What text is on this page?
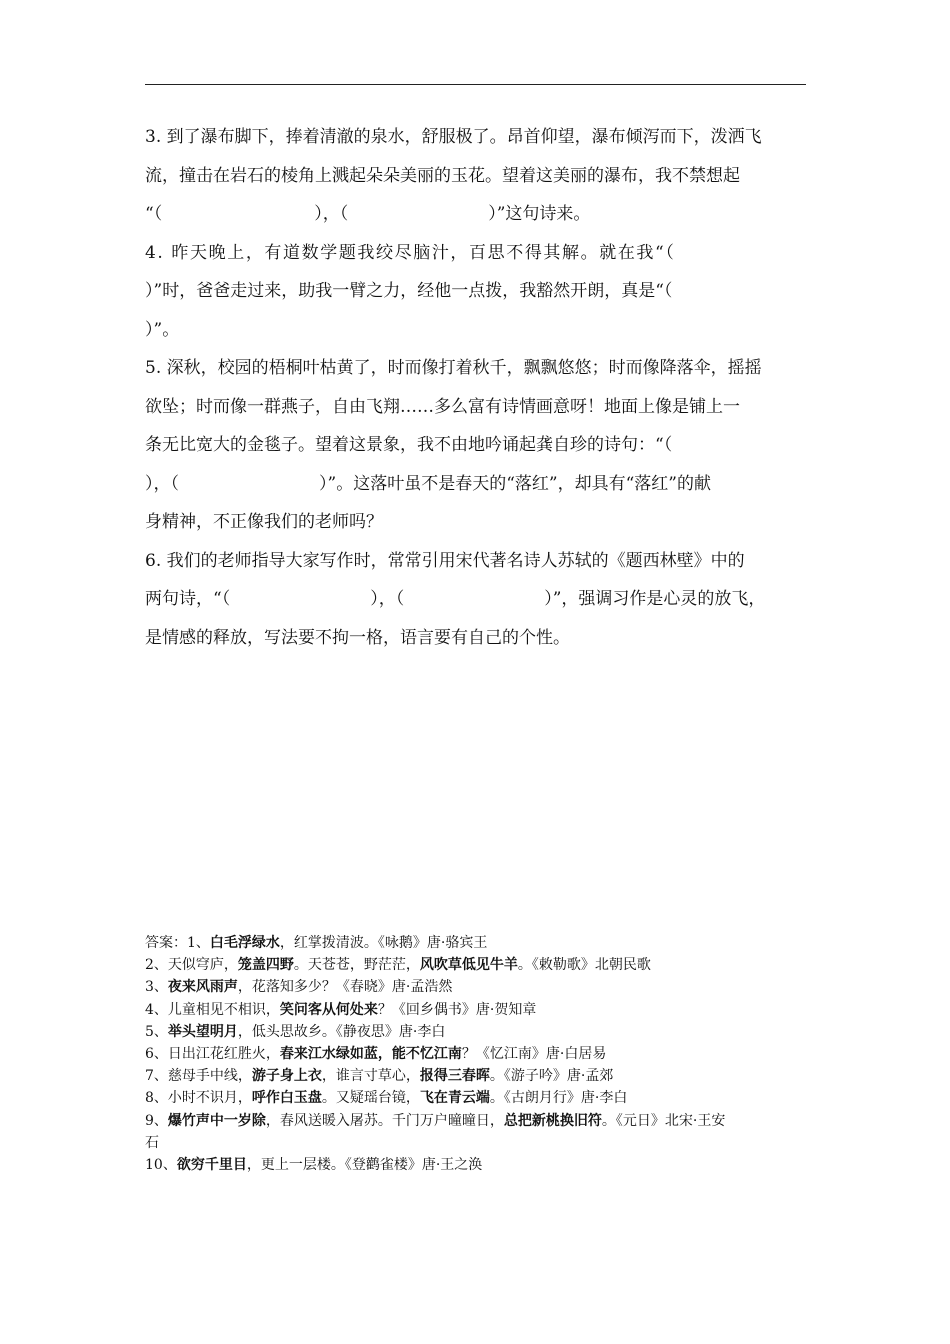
3. 到了瀑布脚下，捧着清澈的泉水，舒服极了。昂首仰望，瀑布倾泻而下，泼洒飞

流，撞击在岩石的棱角上溅起朵朵美丽的玉花。望着这美丽的瀑布，我不禁想起

“（	），（	）”这句诗来。

4. 昨天晚上，有道数学题我绞尽脑汁，百思不得其解。就在我“（

）”时，爸爸走过来，助我一臂之力，经他一点拨，我豁然开朗，真是“（

）”。

5. 深秋，校园的梧桐叶枯黄了，时而像打着秋千，飘飘悠悠；时而像降落伞，摇摇

欲坠；时而像一群燕子，自由飞翔……多么富有诗情画意呀！地面上像是铺上一

条无比宽大的金毯子。望着这景象，我不由地吟诵起龚自珍的诗句：“（

），（	）”。这落叶虽不是春天的“落红”，却具有“落红”的献

身精神，不正像我们的老师吗？

6. 我们的老师指导大家写作时，常常引用宋代著名诗人苏轼的《题西林壁》中的

两句诗，“（	），（	）”，强调习作是心灵的放飞，

是情感的释放，写法要不拘一格，语言要有自己的个性。

答案：1、白毛浮绿水，红掌拨清波。《咏鹅》唐·骆宾王

2、天似穹庐，笼盖四野。天苍苍，野茫茫，风吹草低见牛羊。《敕勒歌》北朝民歌

3、夜来风雨声，花落知多少？《春晓》唐·孟浩然

4、儿童相见不相识，笑问客从何处来？《回乡偶书》唐·贺知章

5、举头望明月，低头思故乡。《静夜思》唐·李白

6、日出江花红胜火，春来江水绿如蓝，能不忆江南？《忆江南》唐·白居易

7、慈母手中线，游子身上衣，谁言寸草心，报得三春晖。《游子吟》唐·孟郊

8、小时不识月，呼作白玉盘。又疑瑶台镜，飞在青云端。《古朗月行》唐·李白

9、爆竹声中一岁除，春风送暖入屠苏。千门万户曈曈日，总把新桃换旧符。《元日》北宋·王安

石

10、欲穷千里目，更上一层楼。《登鹳雀楼》唐·王之涣
